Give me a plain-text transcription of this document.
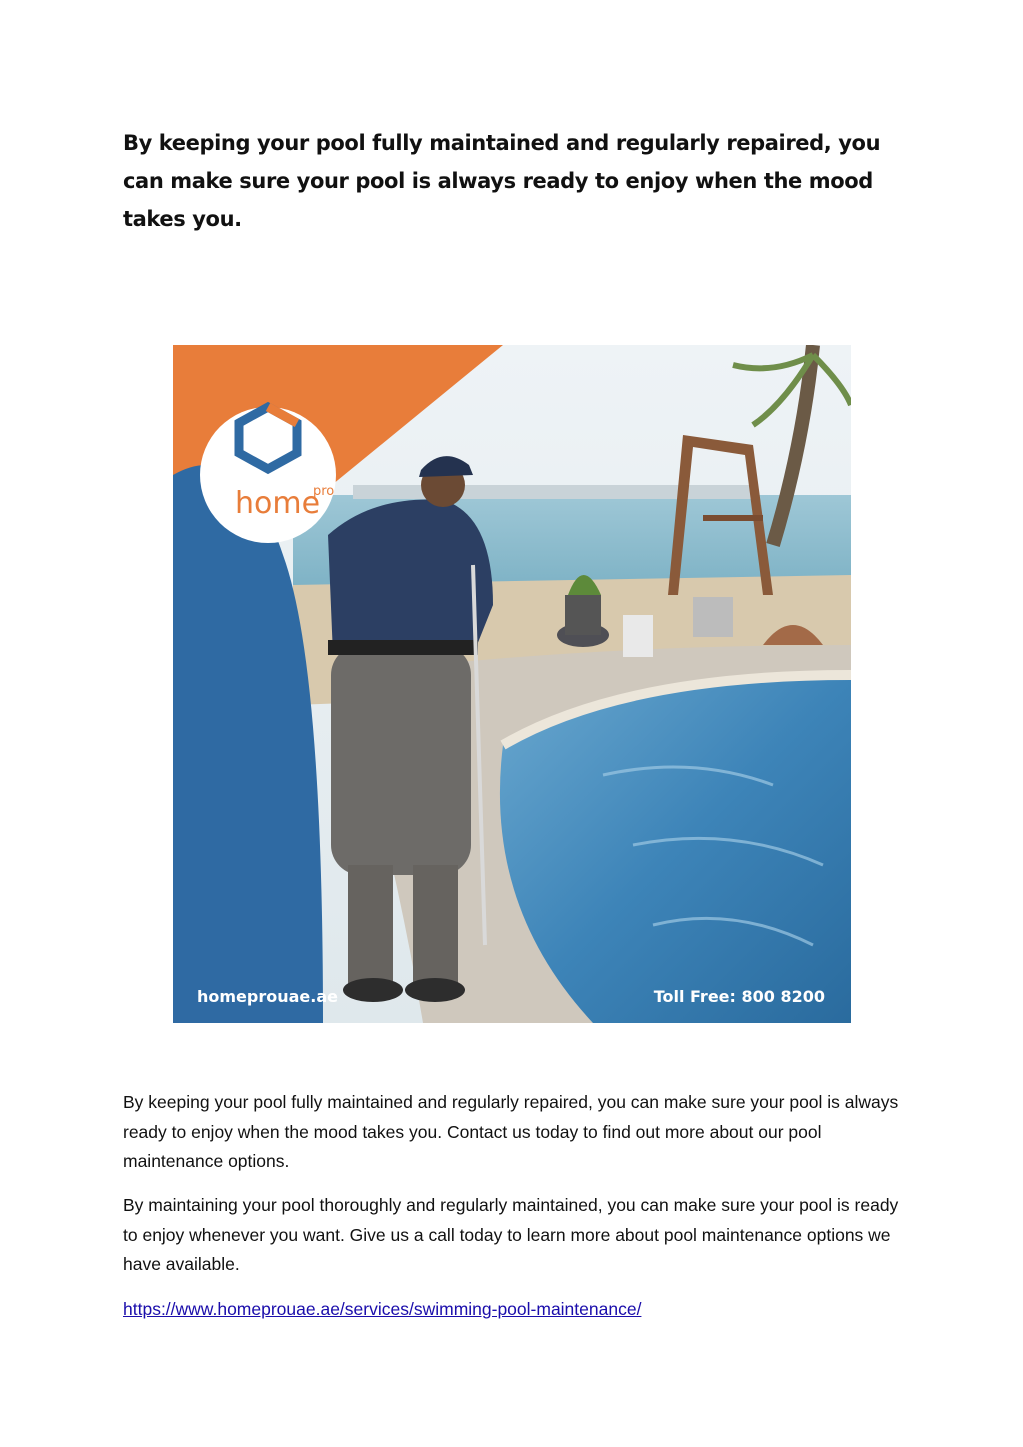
By keeping your pool fully maintained and regularly repaired, you can make sure your pool is always ready to enjoy when the mood takes you.
home
pro
homeprouae.ae	Toll Free: 800 8200

By keeping your pool fully maintained and regularly repaired, you can make sure your pool is always ready to enjoy when the mood takes you. Contact us today to find out more about our pool maintenance options.

By maintaining your pool thoroughly and regularly maintained, you can make sure your pool is ready to enjoy whenever you want. Give us a call today to learn more about pool maintenance options we have available.

https://www.homeprouae.ae/services/swimming-pool-maintenance/
